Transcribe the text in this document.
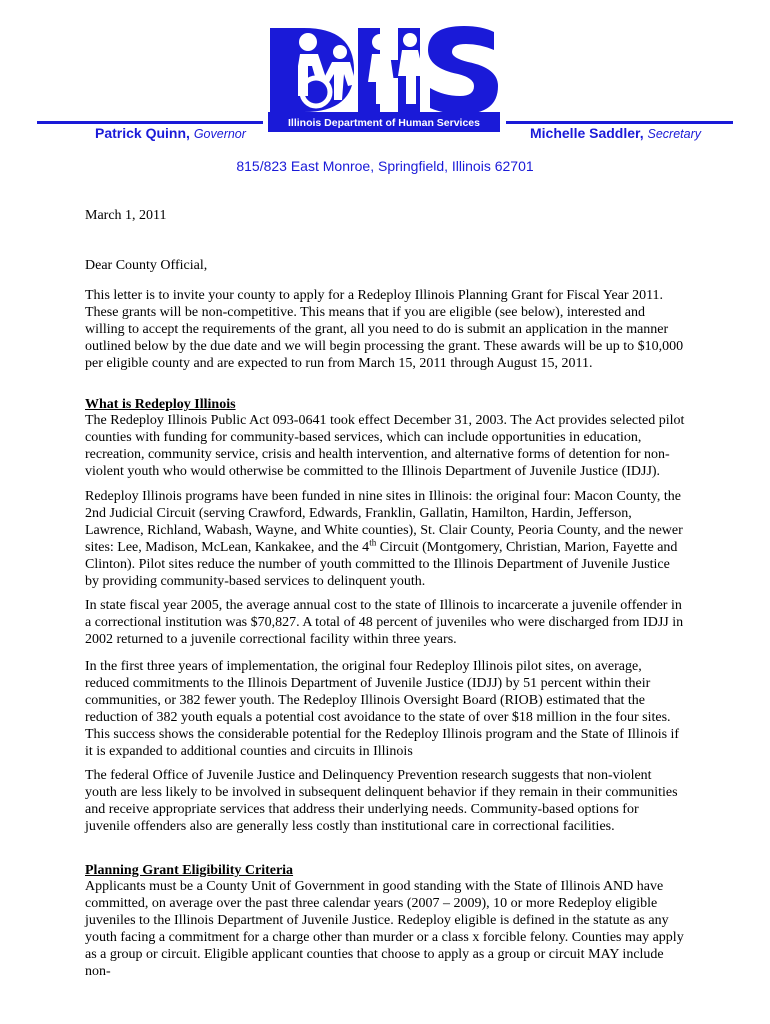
Illinois Department of Human Services
Patrick Quinn, Governor	Michelle Saddler, Secretary
815/823 East Monroe, Springfield, Illinois 62701
March 1, 2011
Dear County Official,
This letter is to invite your county to apply for a Redeploy Illinois Planning Grant for Fiscal Year 2011. These grants will be non-competitive. This means that if you are eligible (see below), interested and willing to accept the requirements of the grant, all you need to do is submit an application in the manner outlined below by the due date and we will begin processing the grant. These awards will be up to $10,000 per eligible county and are expected to run from March 15, 2011 through August 15, 2011.
What is Redeploy Illinois
The Redeploy Illinois Public Act 093-0641 took effect December 31, 2003. The Act provides selected pilot counties with funding for community-based services, which can include opportunities in education, recreation, community service, crisis and health intervention, and alternative forms of detention for non-violent youth who would otherwise be committed to the Illinois Department of Juvenile Justice (IDJJ).
Redeploy Illinois programs have been funded in nine sites in Illinois: the original four: Macon County, the 2nd Judicial Circuit (serving Crawford, Edwards, Franklin, Gallatin, Hamilton, Hardin, Jefferson, Lawrence, Richland, Wabash, Wayne, and White counties), St. Clair County, Peoria County, and the newer sites: Lee, Madison, McLean, Kankakee, and the 4th Circuit (Montgomery, Christian, Marion, Fayette and Clinton). Pilot sites reduce the number of youth committed to the Illinois Department of Juvenile Justice by providing community-based services to delinquent youth.
In state fiscal year 2005, the average annual cost to the state of Illinois to incarcerate a juvenile offender in a correctional institution was $70,827. A total of 48 percent of juveniles who were discharged from IDJJ in 2002 returned to a juvenile correctional facility within three years.
In the first three years of implementation, the original four Redeploy Illinois pilot sites, on average, reduced commitments to the Illinois Department of Juvenile Justice (IDJJ) by 51 percent within their communities, or 382 fewer youth. The Redeploy Illinois Oversight Board (RIOB) estimated that the reduction of 382 youth equals a potential cost avoidance to the state of over $18 million in the four sites. This success shows the considerable potential for the Redeploy Illinois program and the State of Illinois if it is expanded to additional counties and circuits in Illinois
The federal Office of Juvenile Justice and Delinquency Prevention research suggests that non-violent youth are less likely to be involved in subsequent delinquent behavior if they remain in their communities and receive appropriate services that address their underlying needs. Community-based options for juvenile offenders also are generally less costly than institutional care in correctional facilities.
Planning Grant Eligibility Criteria
Applicants must be a County Unit of Government in good standing with the State of Illinois AND have committed, on average over the past three calendar years (2007 – 2009), 10 or more Redeploy eligible juveniles to the Illinois Department of Juvenile Justice. Redeploy eligible is defined in the statute as any youth facing a commitment for a charge other than murder or a class x forcible felony. Counties may apply as a group or circuit. Eligible applicant counties that choose to apply as a group or circuit MAY include non-
